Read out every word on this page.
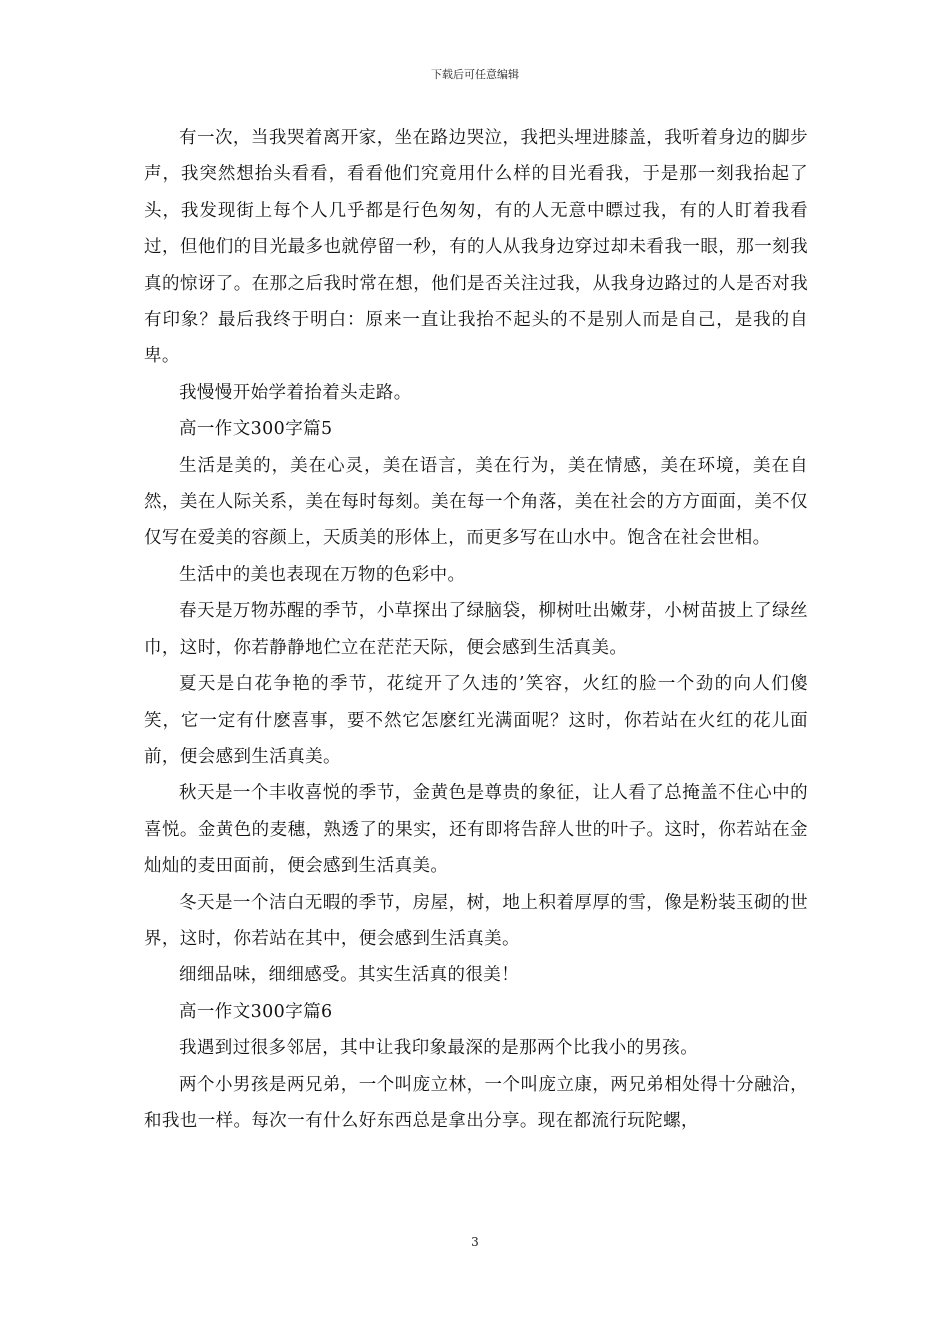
下载后可任意编辑

有一次，当我哭着离开家，坐在路边哭泣，我把头埋进膝盖，我听着身边的脚步声，我突然想抬头看看，看看他们究竟用什么样的目光看我，于是那一刻我抬起了头，我发现街上每个人几乎都是行色匆匆，有的人无意中瞟过我，有的人盯着我看过，但他们的目光最多也就停留一秒，有的人从我身边穿过却未看我一眼，那一刻我真的惊讶了。在那之后我时常在想，他们是否关注过我，从我身边路过的人是否对我有印象？最后我终于明白：原来一直让我抬不起头的不是别人而是自己，是我的自卑。

我慢慢开始学着抬着头走路。

高一作文300字篇5

生活是美的，美在心灵，美在语言，美在行为，美在情感，美在环境，美在自然，美在人际关系，美在每时每刻。美在每一个角落，美在社会的方方面面，美不仅仅写在爱美的容颜上，天质美的形体上，而更多写在山水中。饱含在社会世相。

生活中的美也表现在万物的色彩中。

春天是万物苏醒的季节，小草探出了绿脑袋，柳树吐出嫩芽，小树苗披上了绿丝巾，这时，你若静静地伫立在茫茫天际，便会感到生活真美。

夏天是白花争艳的季节，花绽开了久违的’笑容，火红的脸一个劲的向人们傻笑，它一定有什麽喜事，要不然它怎麽红光满面呢？这时，你若站在火红的花儿面前，便会感到生活真美。

秋天是一个丰收喜悦的季节，金黄色是尊贵的象征，让人看了总掩盖不住心中的喜悦。金黄色的麦穗，熟透了的果实，还有即将告辞人世的叶子。这时，你若站在金灿灿的麦田面前，便会感到生活真美。

冬天是一个洁白无暇的季节，房屋，树，地上积着厚厚的雪，像是粉装玉砌的世界，这时，你若站在其中，便会感到生活真美。

细细品味，细细感受。其实生活真的很美！

高一作文300字篇6

我遇到过很多邻居，其中让我印象最深的是那两个比我小的男孩。

两个小男孩是两兄弟，一个叫庞立林，一个叫庞立康，两兄弟相处得十分融洽，和我也一样。每次一有什么好东西总是拿出分享。现在都流行玩陀螺，

3
